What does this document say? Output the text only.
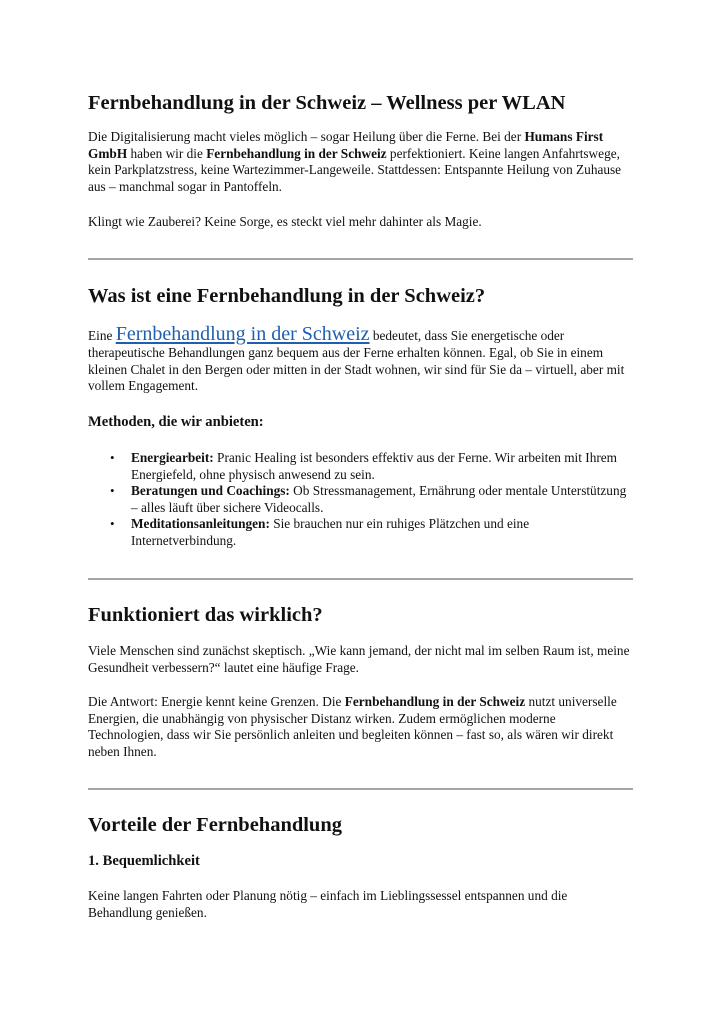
Fernbehandlung in der Schweiz – Wellness per WLAN

Die Digitalisierung macht vieles möglich – sogar Heilung über die Ferne. Bei der Humans First GmbH haben wir die Fernbehandlung in der Schweiz perfektioniert. Keine langen Anfahrtswege, kein Parkplatzstress, keine Wartezimmer-Langeweile. Stattdessen: Entspannte Heilung von Zuhause aus – manchmal sogar in Pantoffeln.

Klingt wie Zauberei? Keine Sorge, es steckt viel mehr dahinter als Magie.

Was ist eine Fernbehandlung in der Schweiz?

Eine Fernbehandlung in der Schweiz bedeutet, dass Sie energetische oder therapeutische Behandlungen ganz bequem aus der Ferne erhalten können. Egal, ob Sie in einem kleinen Chalet in den Bergen oder mitten in der Stadt wohnen, wir sind für Sie da – virtuell, aber mit vollem Engagement.

Methoden, die wir anbieten:
• Energiearbeit: Pranic Healing ist besonders effektiv aus der Ferne. Wir arbeiten mit Ihrem Energiefeld, ohne physisch anwesend zu sein.
• Beratungen und Coachings: Ob Stressmanagement, Ernährung oder mentale Unterstützung – alles läuft über sichere Videocalls.
• Meditationsanleitungen: Sie brauchen nur ein ruhiges Plätzchen und eine Internetverbindung.
Funktioniert das wirklich?

Viele Menschen sind zunächst skeptisch. „Wie kann jemand, der nicht mal im selben Raum ist, meine Gesundheit verbessern?“ lautet eine häufige Frage.

Die Antwort: Energie kennt keine Grenzen. Die Fernbehandlung in der Schweiz nutzt universelle Energien, die unabhängig von physischer Distanz wirken. Zudem ermöglichen moderne Technologien, dass wir Sie persönlich anleiten und begleiten können – fast so, als wären wir direkt neben Ihnen.

Vorteile der Fernbehandlung
1. Bequemlichkeit

Keine langen Fahrten oder Planung nötig – einfach im Lieblingssessel entspannen und die Behandlung genießen.
